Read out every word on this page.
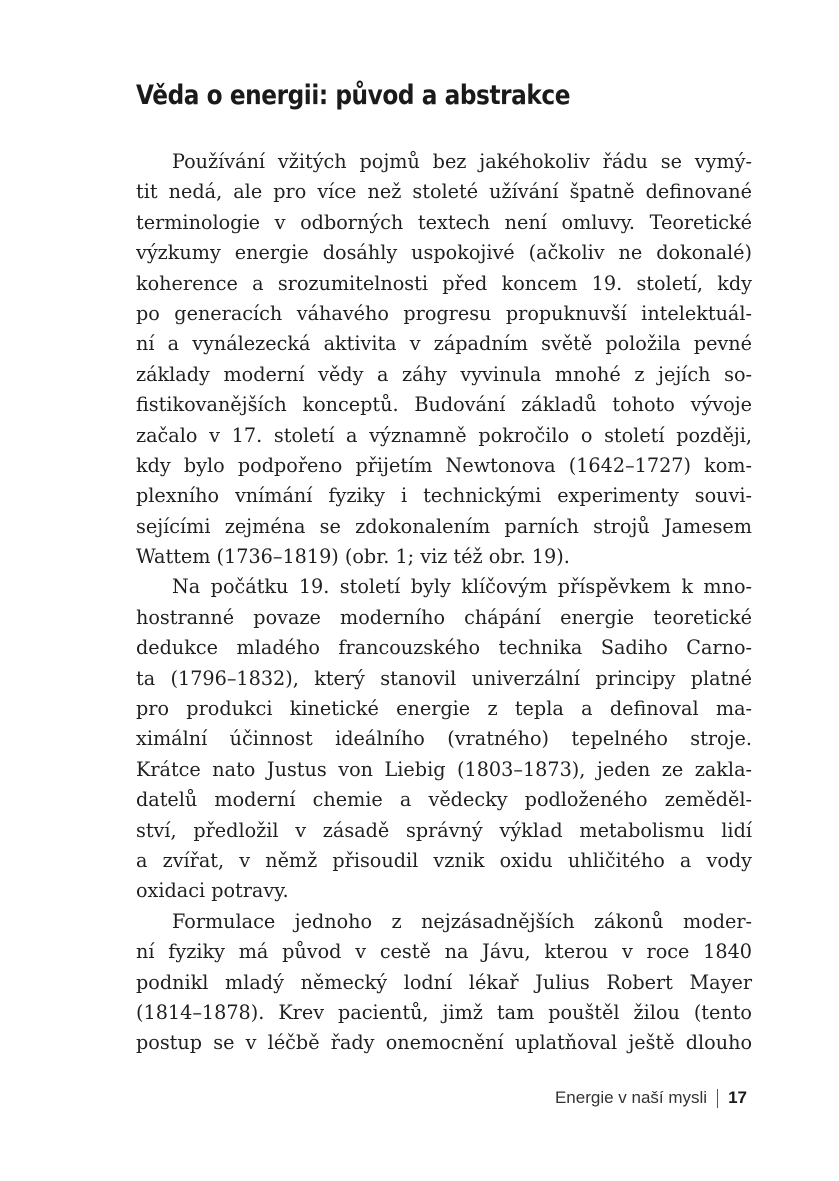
Věda o energii: původ a abstrakce
Používání vžitých pojmů bez jakéhokoliv řádu se vymý-
tit nedá, ale pro více než stoleté užívání špatně definované
terminologie v odborných textech není omluvy. Teoretické
výzkumy energie dosáhly uspokojivé (ačkoliv ne dokonalé)
koherence a srozumitelnosti před koncem 19. století, kdy
po generacích váhavého progresu propuknuvší intelektuál-
ní a vynálezecká aktivita v západním světě položila pevné
základy moderní vědy a záhy vyvinula mnohé z jejích so-
fistikovanějších konceptů. Budování základů tohoto vývoje
začalo v 17. století a významně pokročilo o století později,
kdy bylo podpořeno přijetím Newtonova (1642–1727) kom-
plexního vnímání fyziky i technickými experimenty souvi-
sejícími zejména se zdokonalením parních strojů Jamesem
Wattem (1736–1819) (obr. 1; viz též obr. 19).
Na počátku 19. století byly klíčovým příspěvkem k mno-
hostranné povaze moderního chápání energie teoretické
dedukce mladého francouzského technika Sadiho Carno-
ta (1796–1832), který stanovil univerzální principy platné
pro produkci kinetické energie z tepla a definoval ma-
ximální účinnost ideálního (vratného) tepelného stroje.
Krátce nato Justus von Liebig (1803–1873), jeden ze zakla-
datelů moderní chemie a vědecky podloženého zeměděl-
ství, předložil v zásadě správný výklad metabolismu lidí
a zvířat, v němž přisoudil vznik oxidu uhličitého a vody
oxidaci potravy.
Formulace jednoho z nejzásadnějších zákonů moder-
ní fyziky má původ v cestě na Jávu, kterou v roce 1840
podnikl mladý německý lodní lékař Julius Robert Mayer
(1814–1878). Krev pacientů, jimž tam pouštěl žilou (tento
postup se v léčbě řady onemocnění uplatňoval ještě dlouho
Energie v naší mysli 17
